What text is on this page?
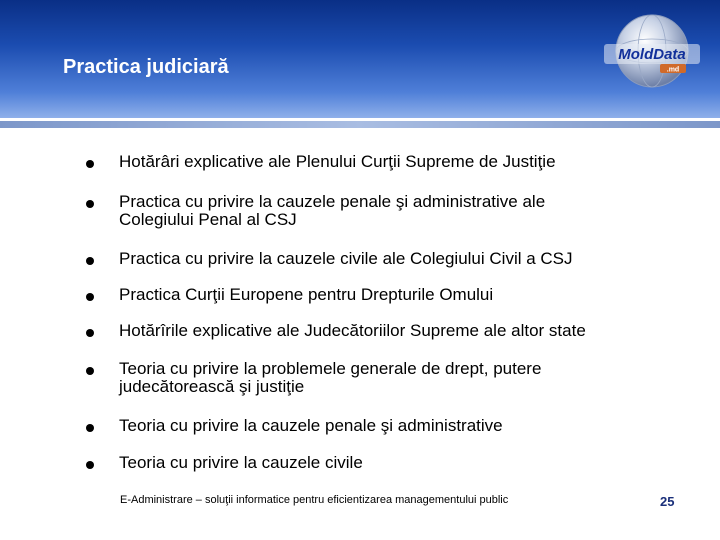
Practica judiciară
MoldData
.md
Hotărâri explicative ale Plenului Curţii Supreme de Justiţie
Practica cu privire la cauzele penale şi administrative ale
Colegiului Penal al CSJ
Practica cu privire la cauzele civile ale Colegiului Civil a CSJ
Practica Curţii Europene pentru Drepturile Omului
Hotărîrile explicative ale Judecătoriilor Supreme ale altor state
Teoria cu privire la problemele generale de drept, putere
judecătorească şi justiţie
Teoria cu privire la cauzele penale şi administrative
Teoria cu privire la cauzele civile
E-Administrare – soluţii informatice pentru eficientizarea managementului public	25
